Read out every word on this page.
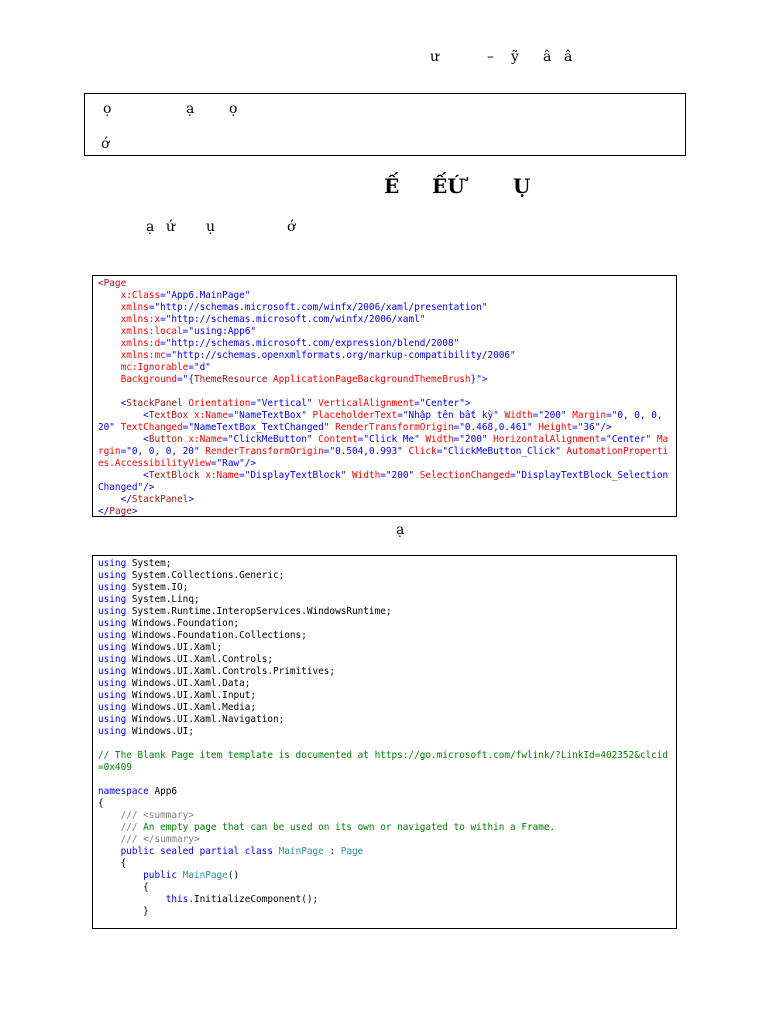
ư	– ỹ â â
ọ	ạ ọ
ớ
Ế ẾỨ Ụ
ạ ứ ụ	ớ
<Page
x:Class="App6.MainPage"
xmlns="http://schemas.microsoft.com/winfx/2006/xaml/presentation"
xmlns:x="http://schemas.microsoft.com/winfx/2006/xaml"
xmlns:local="using:App6"
xmlns:d="http://schemas.microsoft.com/expression/blend/2008"
xmlns:mc="http://schemas.openxmlformats.org/markup-compatibility/2006"
mc:Ignorable="d"
Background="{ThemeResource ApplicationPageBackgroundThemeBrush}">
<StackPanel Orientation="Vertical" VerticalAlignment="Center">
<TextBox x:Name="NameTextBox" PlaceholderText="Nhập tên bất kỳ" Width="200" Margin="0, 0, 0, 20" TextChanged="NameTextBox_TextChanged" RenderTransformOrigin="0.468,0.461" Height="36"/>
<Button x:Name="ClickMeButton" Content="Click Me" Width="200" HorizontalAlignment="Center" Margin="0, 0, 0, 20" RenderTransformOrigin="0.504,0.993" Click="ClickMeButton_Click" AutomationProperties.AccessibilityView="Raw"/>
<TextBlock x:Name="DisplayTextBlock" Width="200" SelectionChanged="DisplayTextBlock_SelectionChanged"/>
</StackPanel>
</Page>
ạ
using System;
using System.Collections.Generic;
using System.IO;
using System.Linq;
using System.Runtime.InteropServices.WindowsRuntime;
using Windows.Foundation;
using Windows.Foundation.Collections;
using Windows.UI.Xaml;
using Windows.UI.Xaml.Controls;
using Windows.UI.Xaml.Controls.Primitives;
using Windows.UI.Xaml.Data;
using Windows.UI.Xaml.Input;
using Windows.UI.Xaml.Media;
using Windows.UI.Xaml.Navigation;
using Windows.UI;
// The Blank Page item template is documented at https://go.microsoft.com/fwlink/?LinkId=402352&clcid=0x409
namespace App6
{
/// <summary>
/// An empty page that can be used on its own or navigated to within a Frame.
/// </summary>
public sealed partial class MainPage : Page
{
public MainPage()
{
this.InitializeComponent();
}
